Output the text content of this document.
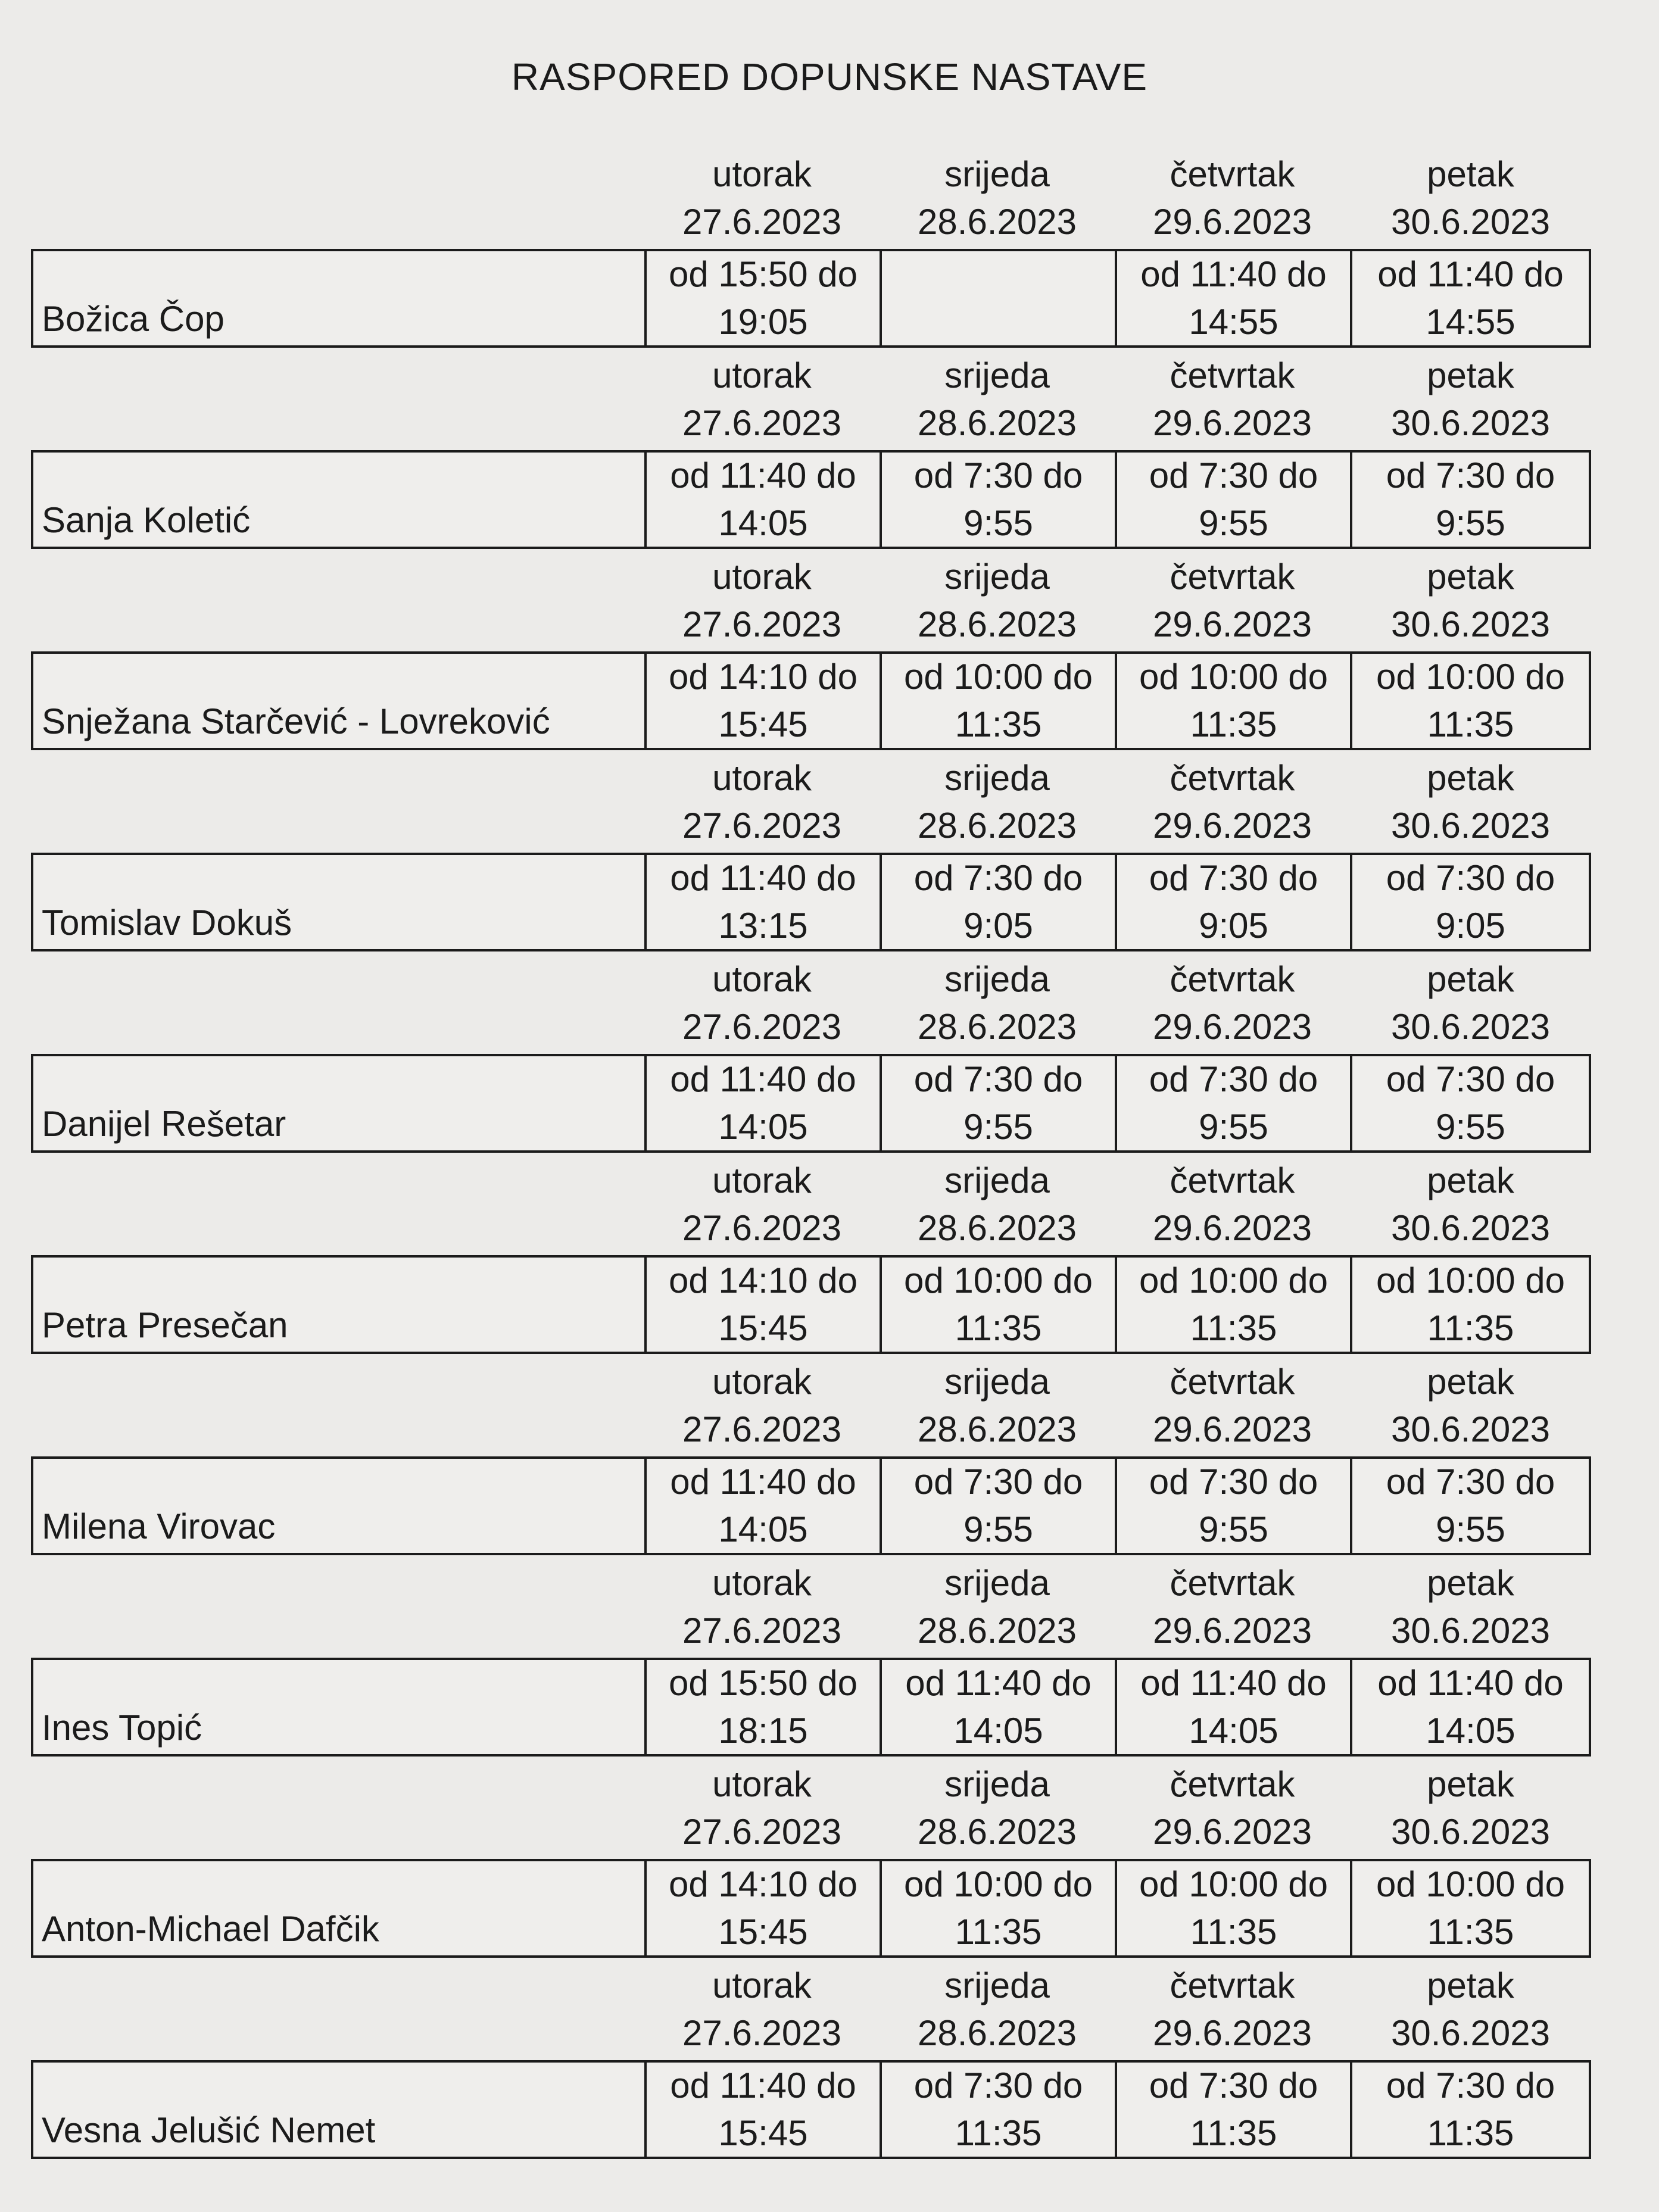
RASPORED DOPUNSKE NASTAVE
utorak
27.6.2023
srijeda
28.6.2023
četvrtak
29.6.2023
petak
30.6.2023
Božica Čop
od 15:50 do
19:05
od 11:40 do
14:55
od 11:40 do
14:55
utorak
27.6.2023
srijeda
28.6.2023
četvrtak
29.6.2023
petak
30.6.2023
Sanja Koletić
od 11:40 do
14:05
od 7:30 do
9:55
od 7:30 do
9:55
od 7:30 do
9:55
utorak
27.6.2023
srijeda
28.6.2023
četvrtak
29.6.2023
petak
30.6.2023
Snježana Starčević - Lovreković
od 14:10 do
15:45
od 10:00 do
11:35
od 10:00 do
11:35
od 10:00 do
11:35
utorak
27.6.2023
srijeda
28.6.2023
četvrtak
29.6.2023
petak
30.6.2023
Tomislav Dokuš
od 11:40 do
13:15
od 7:30 do
9:05
od 7:30 do
9:05
od 7:30 do
9:05
utorak
27.6.2023
srijeda
28.6.2023
četvrtak
29.6.2023
petak
30.6.2023
Danijel Rešetar
od 11:40 do
14:05
od 7:30 do
9:55
od 7:30 do
9:55
od 7:30 do
9:55
utorak
27.6.2023
srijeda
28.6.2023
četvrtak
29.6.2023
petak
30.6.2023
Petra Presečan
od 14:10 do
15:45
od 10:00 do
11:35
od 10:00 do
11:35
od 10:00 do
11:35
utorak
27.6.2023
srijeda
28.6.2023
četvrtak
29.6.2023
petak
30.6.2023
Milena Virovac
od 11:40 do
14:05
od 7:30 do
9:55
od 7:30 do
9:55
od 7:30 do
9:55
utorak
27.6.2023
srijeda
28.6.2023
četvrtak
29.6.2023
petak
30.6.2023
Ines Topić
od 15:50 do
18:15
od 11:40 do
14:05
od 11:40 do
14:05
od 11:40 do
14:05
utorak
27.6.2023
srijeda
28.6.2023
četvrtak
29.6.2023
petak
30.6.2023
Anton-Michael Dafčik
od 14:10 do
15:45
od 10:00 do
11:35
od 10:00 do
11:35
od 10:00 do
11:35
utorak
27.6.2023
srijeda
28.6.2023
četvrtak
29.6.2023
petak
30.6.2023
Vesna Jelušić Nemet
od 11:40 do
15:45
od 7:30 do
11:35
od 7:30 do
11:35
od 7:30 do
11:35
